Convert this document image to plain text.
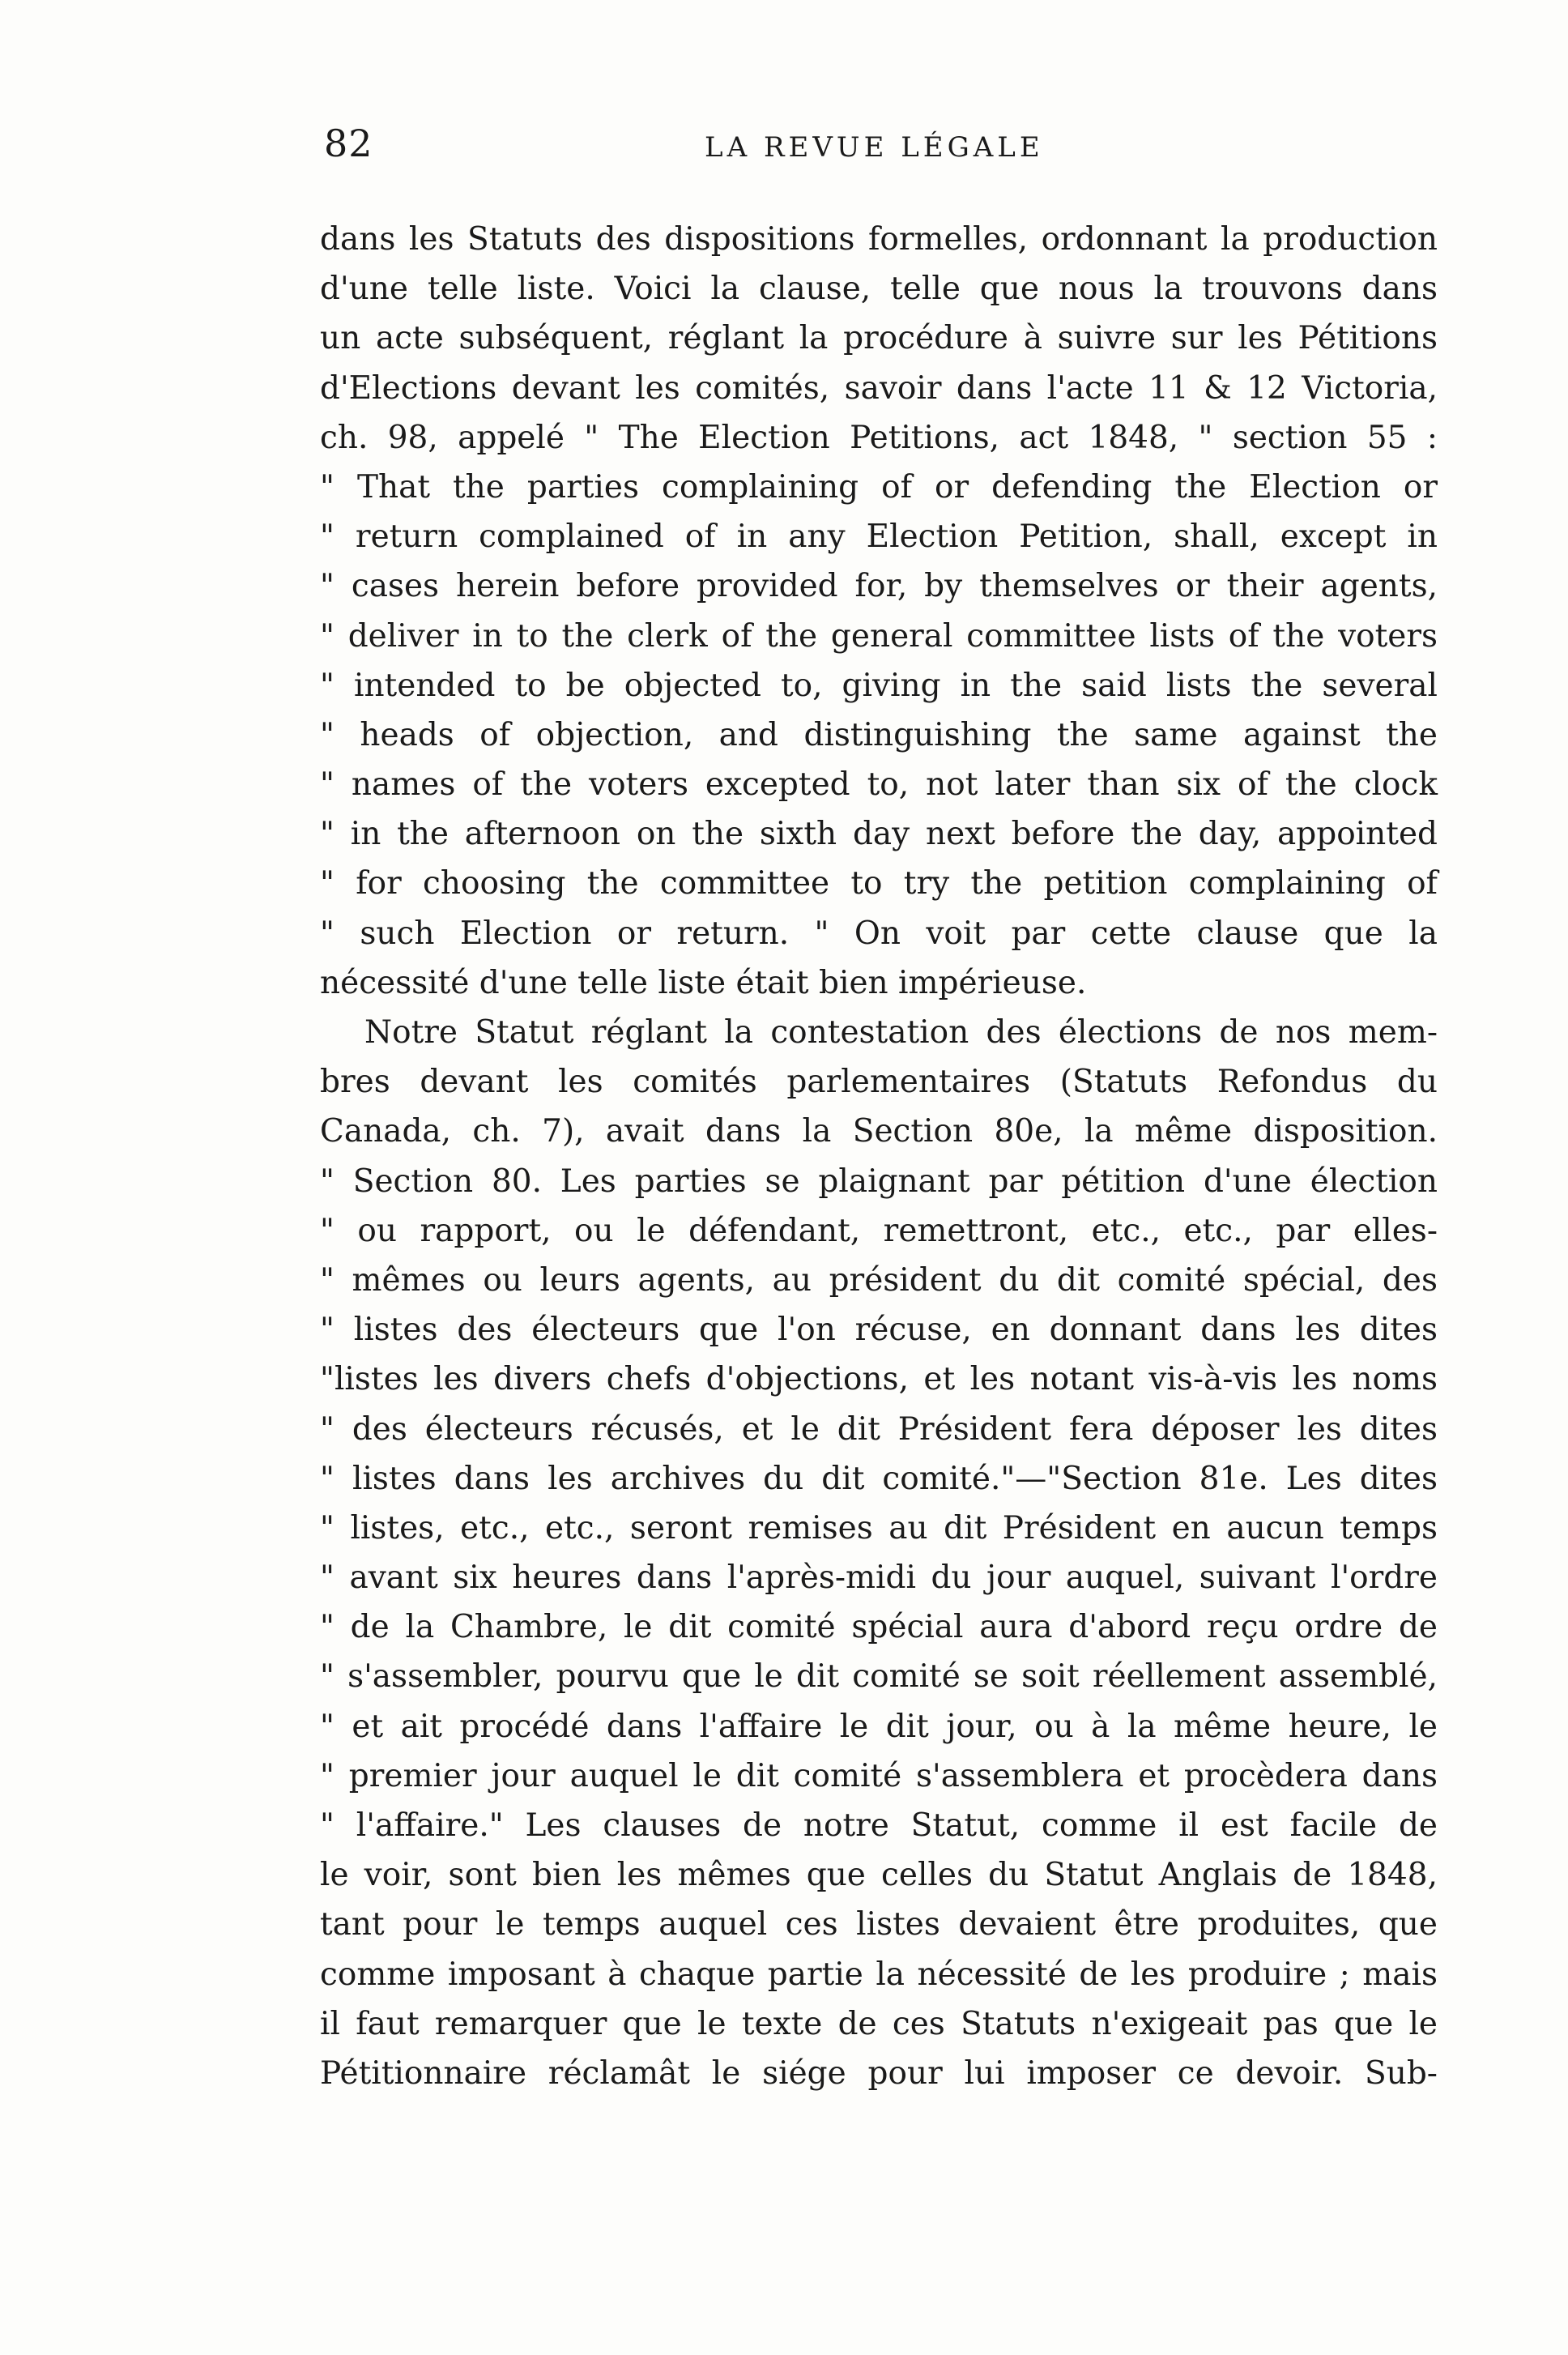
82	LA REVUE LÉGALE
dans les Statuts des dispositions formelles, ordonnant la production
d'une telle liste. Voici la clause, telle que nous la trouvons dans
un acte subséquent, réglant la procédure à suivre sur les Pétitions
d'Elections devant les comités, savoir dans l'acte 11 & 12 Victoria,
ch. 98, appelé " The Election Petitions, act 1848, " section 55 :
" That the parties complaining of or defending the Election or
" return complained of in any Election Petition, shall, except in
" cases herein before provided for, by themselves or their agents,
" deliver in to the clerk of the general committee lists of the voters
" intended to be objected to, giving in the said lists the several
" heads of objection, and distinguishing the same against the
" names of the voters excepted to, not later than six of the clock
" in the afternoon on the sixth day next before the day, appointed
" for choosing the committee to try the petition complaining of
" such Election or return. " On voit par cette clause que la
nécessité d'une telle liste était bien impérieuse.
Notre Statut réglant la contestation des élections de nos mem-
bres devant les comités parlementaires (Statuts Refondus du
Canada, ch. 7), avait dans la Section 80e, la même disposition.
" Section 80. Les parties se plaignant par pétition d'une élection
" ou rapport, ou le défendant, remettront, etc., etc., par elles-
" mêmes ou leurs agents, au président du dit comité spécial, des
" listes des électeurs que l'on récuse, en donnant dans les dites
"listes les divers chefs d'objections, et les notant vis-à-vis les noms
" des électeurs récusés, et le dit Président fera déposer les dites
" listes dans les archives du dit comité."—"Section 81e. Les dites
" listes, etc., etc., seront remises au dit Président en aucun temps
" avant six heures dans l'après-midi du jour auquel, suivant l'ordre
" de la Chambre, le dit comité spécial aura d'abord reçu ordre de
" s'assembler, pourvu que le dit comité se soit réellement assemblé,
" et ait procédé dans l'affaire le dit jour, ou à la même heure, le
" premier jour auquel le dit comité s'assemblera et procèdera dans
" l'affaire." Les clauses de notre Statut, comme il est facile de
le voir, sont bien les mêmes que celles du Statut Anglais de 1848,
tant pour le temps auquel ces listes devaient être produites, que
comme imposant à chaque partie la nécessité de les produire ; mais
il faut remarquer que le texte de ces Statuts n'exigeait pas que le
Pétitionnaire réclamât le siége pour lui imposer ce devoir. Sub-
